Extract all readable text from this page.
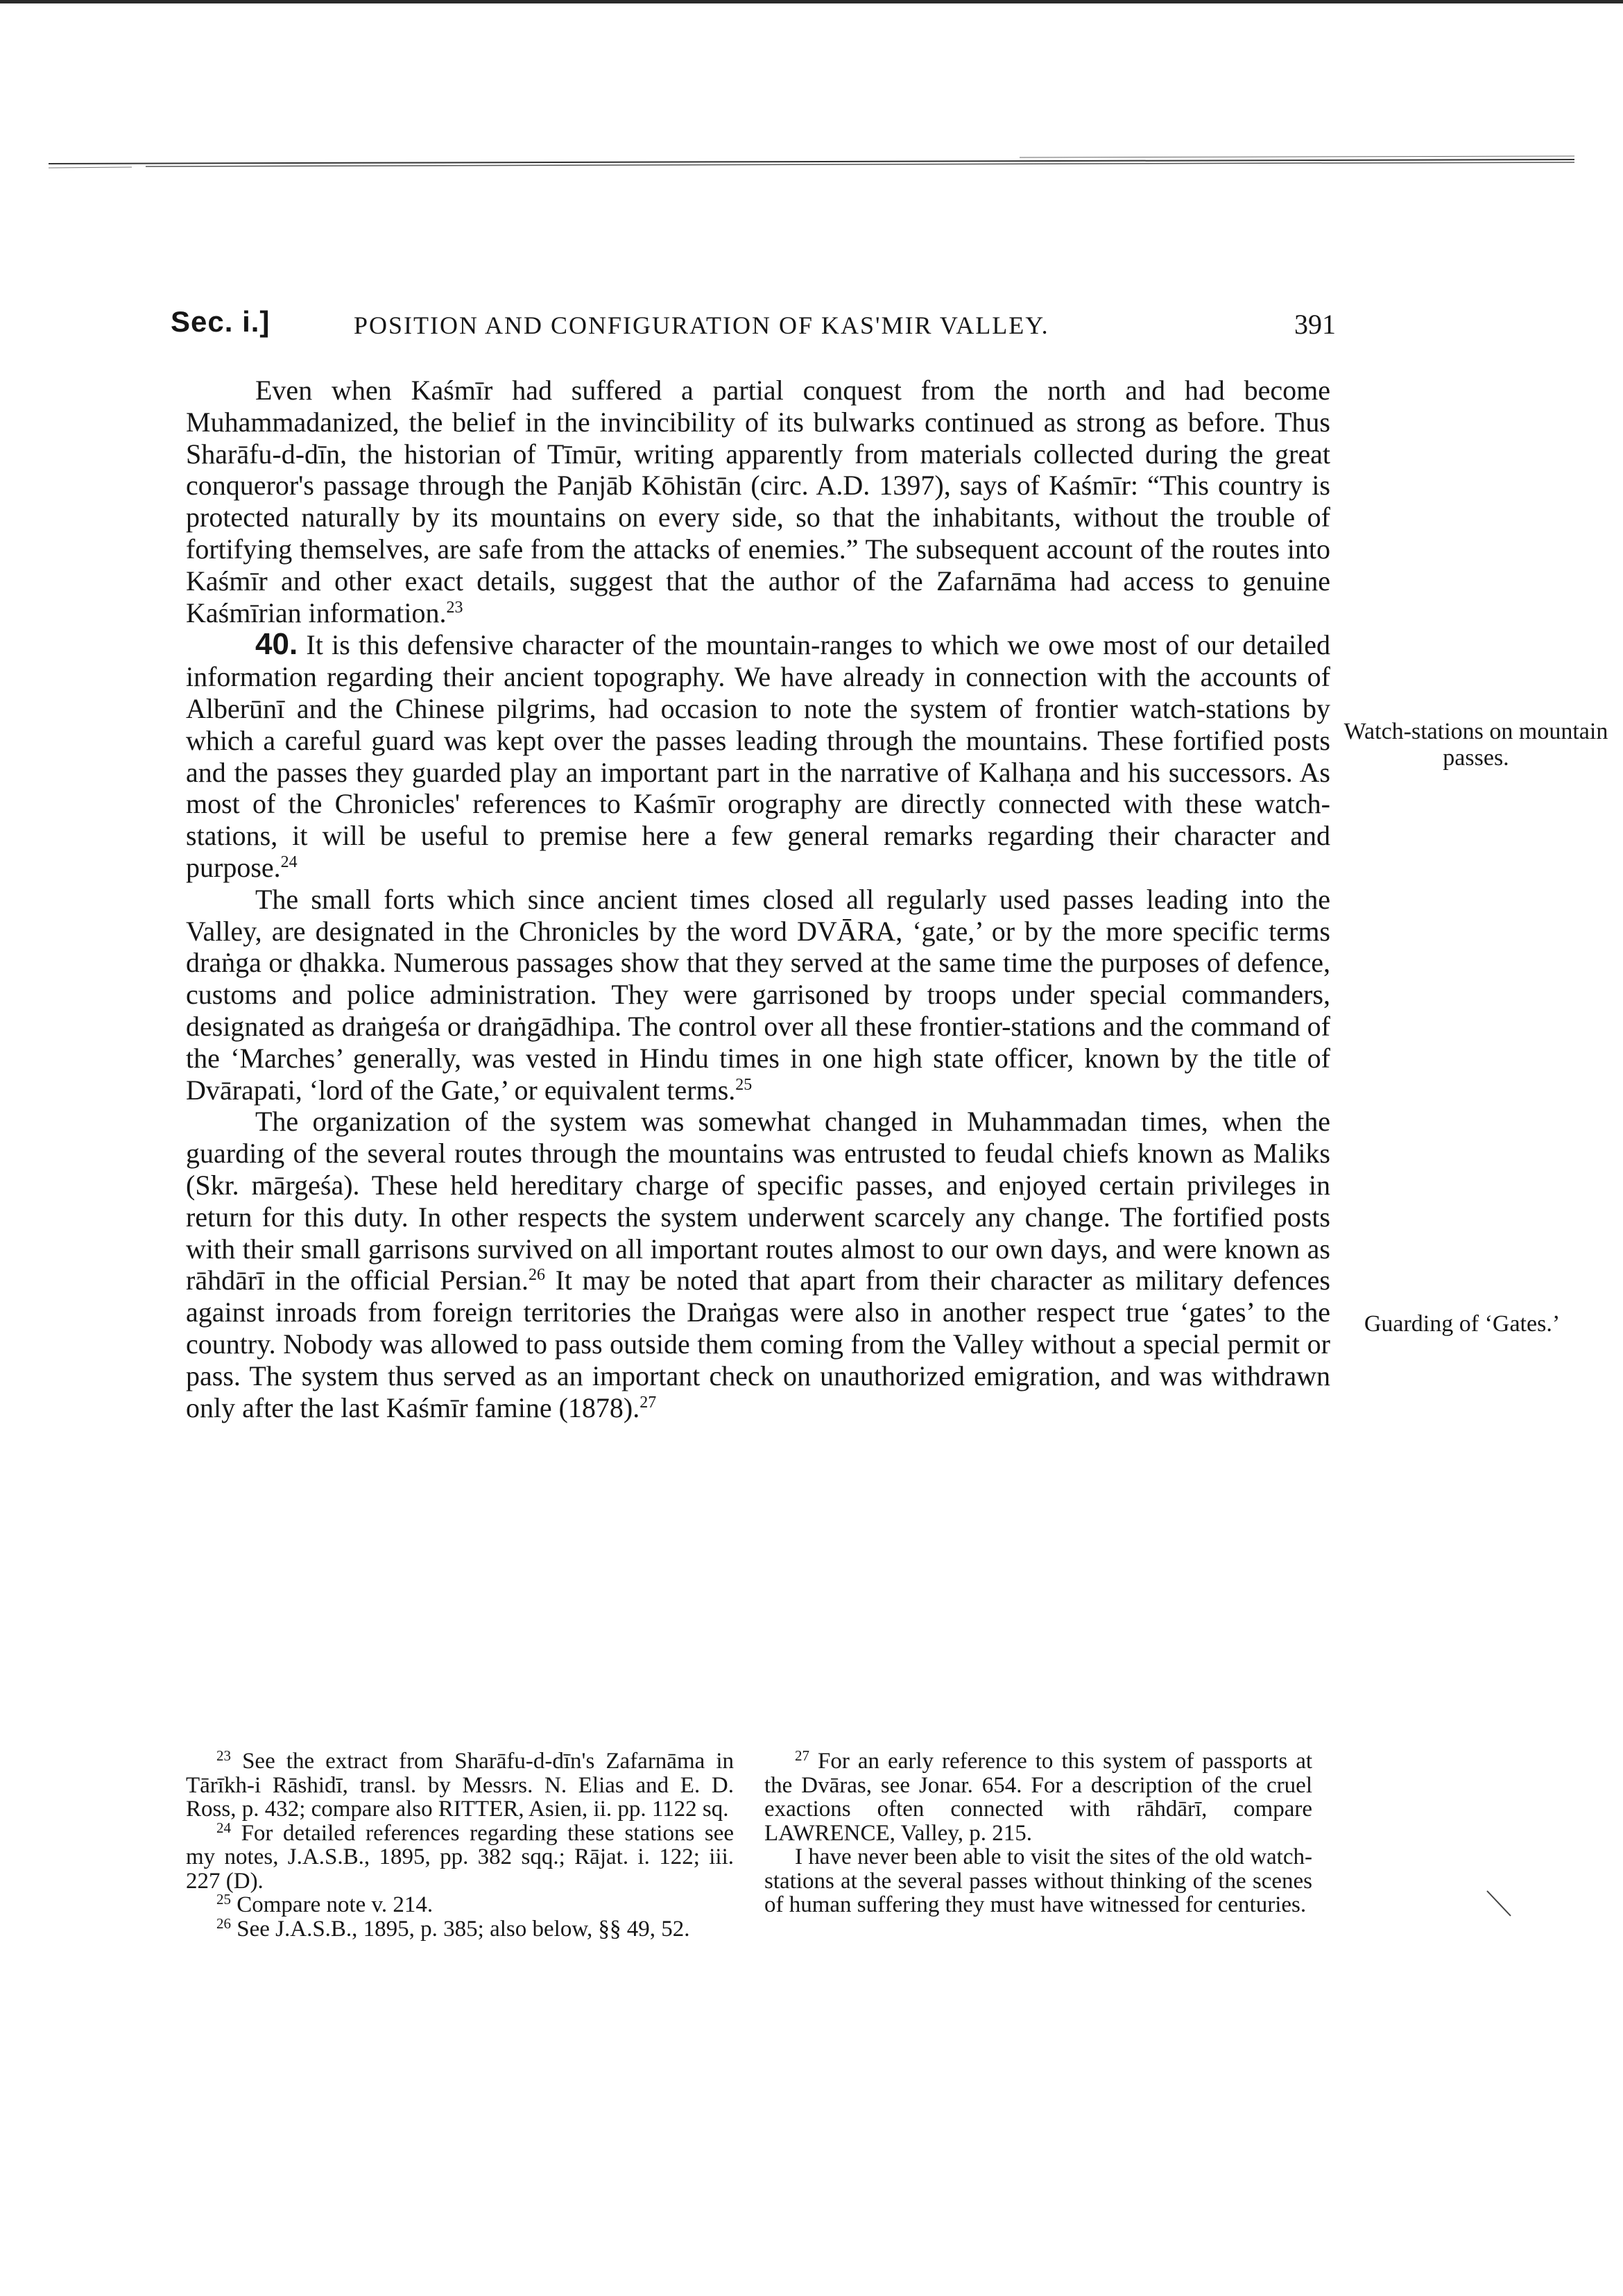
Sec. i.]	POSITION AND CONFIGURATION OF KAS'MIR VALLEY.	391

Even when Kaśmīr had suffered a partial conquest from the north and had become Muhammadanized, the belief in the invincibility of its bulwarks continued as strong as before. Thus Sharāfu-d-dīn, the historian of Tīmūr, writing apparently from materials collected during the great conqueror's passage through the Panjāb Kōhistān (circ. A.D. 1397), says of Kaśmīr: “This country is protected naturally by its mountains on every side, so that the inhabitants, without the trouble of fortifying themselves, are safe from the attacks of enemies.” The subsequent account of the routes into Kaśmīr and other exact details, suggest that the author of the Zafarnāma had access to genuine Kaśmīrian information.$^{23}$

40. It is this defensive character of the mountain-ranges to which we owe most of our detailed information regarding their ancient topography. We have already in connection with the accounts of Alberūnī and the Chinese pilgrims, had occasion to note the system of frontier watch-stations by which a careful guard was kept over the passes leading through the mountains. These fortified posts and the passes they guarded play an important part in the narrative of Kalhaṇa and his successors. As most of the Chronicles' references to Kaśmīr orography are directly connected with these watch-stations, it will be useful to premise here a few general remarks regarding their character and purpose.$^{24}$

The small forts which since ancient times closed all regularly used passes leading into the Valley, are designated in the Chronicles by the word DVĀRA, ‘gate,’ or by the more specific terms draṅga or ḍhakka. Numerous passages show that they served at the same time the purposes of defence, customs and police administration. They were garrisoned by troops under special commanders, designated as draṅgeśa or draṅgādhipa. The control over all these frontier-stations and the command of the ‘Marches’ generally, was vested in Hindu times in one high state officer, known by the title of Dvārapati, ‘lord of the Gate,’ or equivalent terms.$^{25}$

The organization of the system was somewhat changed in Muhammadan times, when the guarding of the several routes through the mountains was entrusted to feudal chiefs known as Maliks (Skr. mārgeśa). These held hereditary charge of specific passes, and enjoyed certain privileges in return for this duty. In other respects the system underwent scarcely any change. The fortified posts with their small garrisons survived on all important routes almost to our own days, and were known as rāhdārī in the official Persian.$^{26}$ It may be noted that apart from their character as military defences against inroads from foreign territories the Draṅgas were also in another respect true ‘gates’ to the country. Nobody was allowed to pass outside them coming from the Valley without a special permit or pass. The system thus served as an important check on unauthorized emigration, and was withdrawn only after the last Kaśmīr famine (1878).$^{27}$

Watch-stations on mountain passes.
Guarding of ‘Gates.’

$^{23}$ See the extract from Sharāfu-d-dīn's Zafarnāma in Tārīkh-i Rāshidī, transl. by Messrs. N. Elias and E. D. Ross, p. 432; compare also RITTER, Asien, ii. pp. 1122 sq.

$^{24}$ For detailed references regarding these stations see my notes, J.A.S.B., 1895, pp. 382 sqq.; Rājat. i. 122; iii. 227 (D).

$^{25}$ Compare note v. 214.

$^{26}$ See J.A.S.B., 1895, p. 385; also below, §§ 49, 52.

$^{27}$ For an early reference to this system of passports at the Dvāras, see Jonar. 654. For a description of the cruel exactions often connected with rāhdārī, compare LAWRENCE, Valley, p. 215.

I have never been able to visit the sites of the old watch-stations at the several passes without thinking of the scenes of human suffering they must have witnessed for centuries.
